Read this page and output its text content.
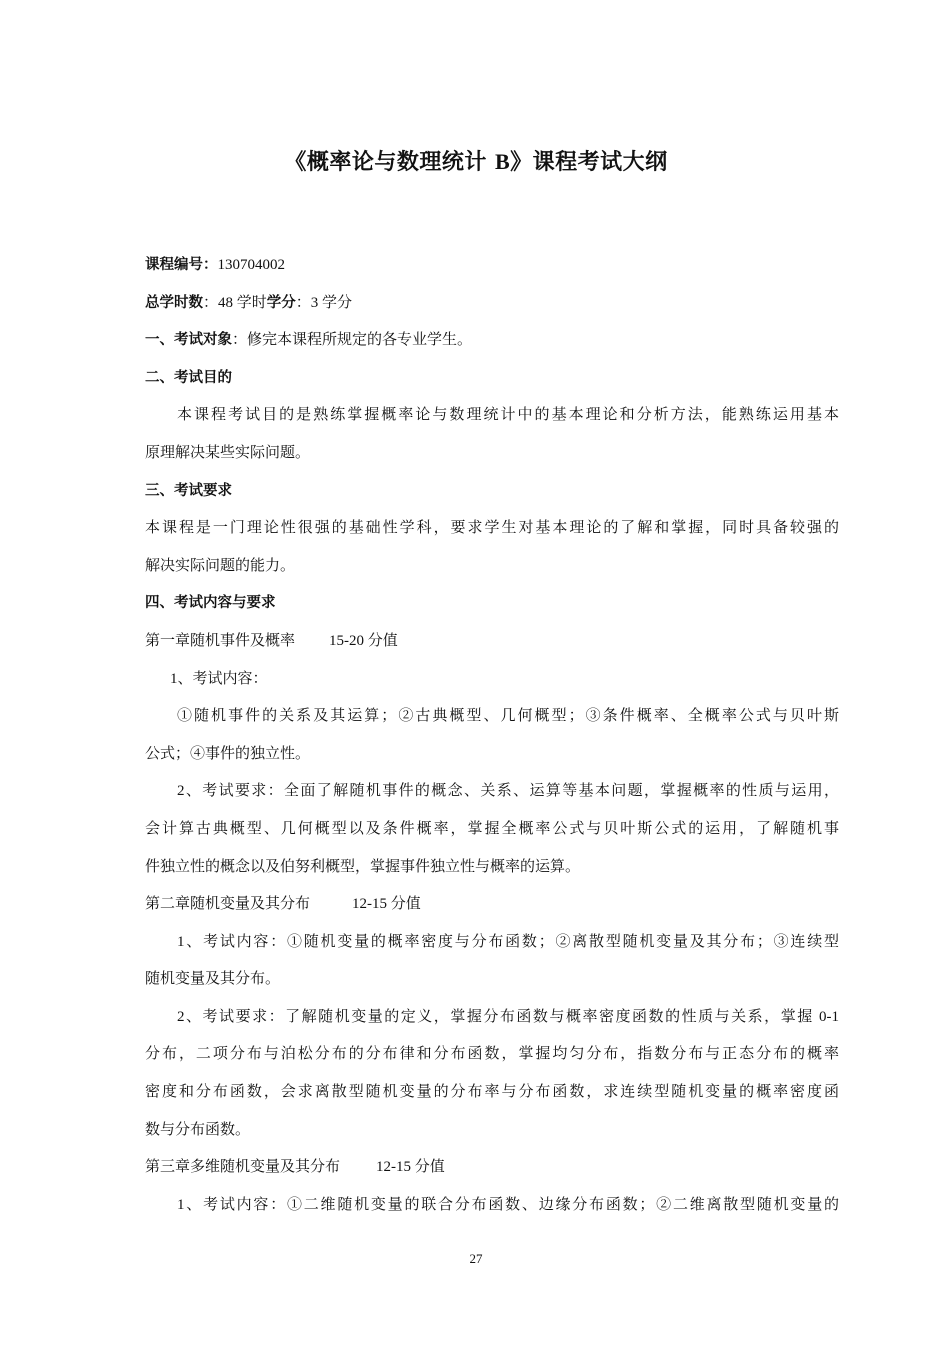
《概率论与数理统计 B》课程考试大纲
课程编号：130704002
总学时数：48 学时学分：3 学分
一、考试对象：修完本课程所规定的各专业学生。
二、考试目的
本课程考试目的是熟练掌握概率论与数理统计中的基本理论和分析方法，能熟练运用基本
原理解决某些实际问题。
三、考试要求
本课程是一门理论性很强的基础性学科，要求学生对基本理论的了解和掌握，同时具备较强的
解决实际问题的能力。
四、考试内容与要求
第一章随机事件及概率 15-20 分值
1、考试内容：
①随机事件的关系及其运算；②古典概型、几何概型；③条件概率、全概率公式与贝叶斯
公式；④事件的独立性。
2、考试要求：全面了解随机事件的概念、关系、运算等基本问题，掌握概率的性质与运用，
会计算古典概型、几何概型以及条件概率，掌握全概率公式与贝叶斯公式的运用，了解随机事
件独立性的概念以及伯努利概型，掌握事件独立性与概率的运算。
第二章随机变量及其分布	12-15 分值
1、考试内容：①随机变量的概率密度与分布函数；②离散型随机变量及其分布；③连续型
随机变量及其分布。
2、考试要求：了解随机变量的定义，掌握分布函数与概率密度函数的性质与关系，掌握 0-1
分布，二项分布与泊松分布的分布律和分布函数，掌握均匀分布，指数分布与正态分布的概率
密度和分布函数，会求离散型随机变量的分布率与分布函数，求连续型随机变量的概率密度函
数与分布函数。
第三章多维随机变量及其分布 12-15 分值
1、考试内容：①二维随机变量的联合分布函数、边缘分布函数；②二维离散型随机变量的
27
